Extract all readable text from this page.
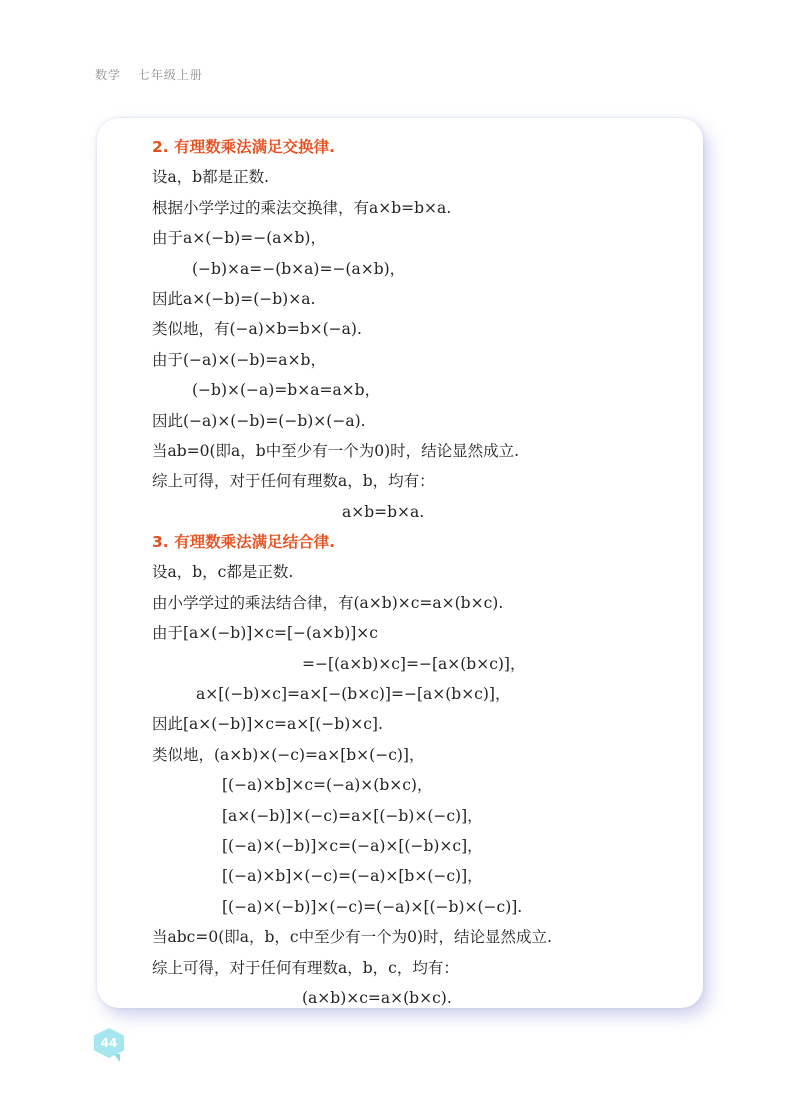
数学 七年级上册
2. 有理数乘法满足交换律.
设a，b都是正数.
根据小学学过的乘法交换律，有a×b=b×a.
由于a×(−b)=−(a×b)，
(−b)×a=−(b×a)=−(a×b)，
因此a×(−b)=(−b)×a.
类似地，有(−a)×b=b×(−a).
由于(−a)×(−b)=a×b，
(−b)×(−a)=b×a=a×b，
因此(−a)×(−b)=(−b)×(−a).
当ab=0(即a，b中至少有一个为0)时，结论显然成立.
综上可得，对于任何有理数a，b，均有：
a×b=b×a.
3. 有理数乘法满足结合律.
设a，b，c都是正数.
由小学学过的乘法结合律，有(a×b)×c=a×(b×c).
由于[a×(−b)]×c=[−(a×b)]×c
=−[(a×b)×c]=−[a×(b×c)]，
a×[(−b)×c]=a×[−(b×c)]=−[a×(b×c)]，
因此[a×(−b)]×c=a×[(−b)×c].
类似地，(a×b)×(−c)=a×[b×(−c)]，
[(−a)×b]×c=(−a)×(b×c)，
[a×(−b)]×(−c)=a×[(−b)×(−c)]，
[(−a)×(−b)]×c=(−a)×[(−b)×c]，
[(−a)×b]×(−c)=(−a)×[b×(−c)]，
[(−a)×(−b)]×(−c)=(−a)×[(−b)×(−c)].
当abc=0(即a，b，c中至少有一个为0)时，结论显然成立.
综上可得，对于任何有理数a，b，c，均有：
(a×b)×c=a×(b×c).
44
